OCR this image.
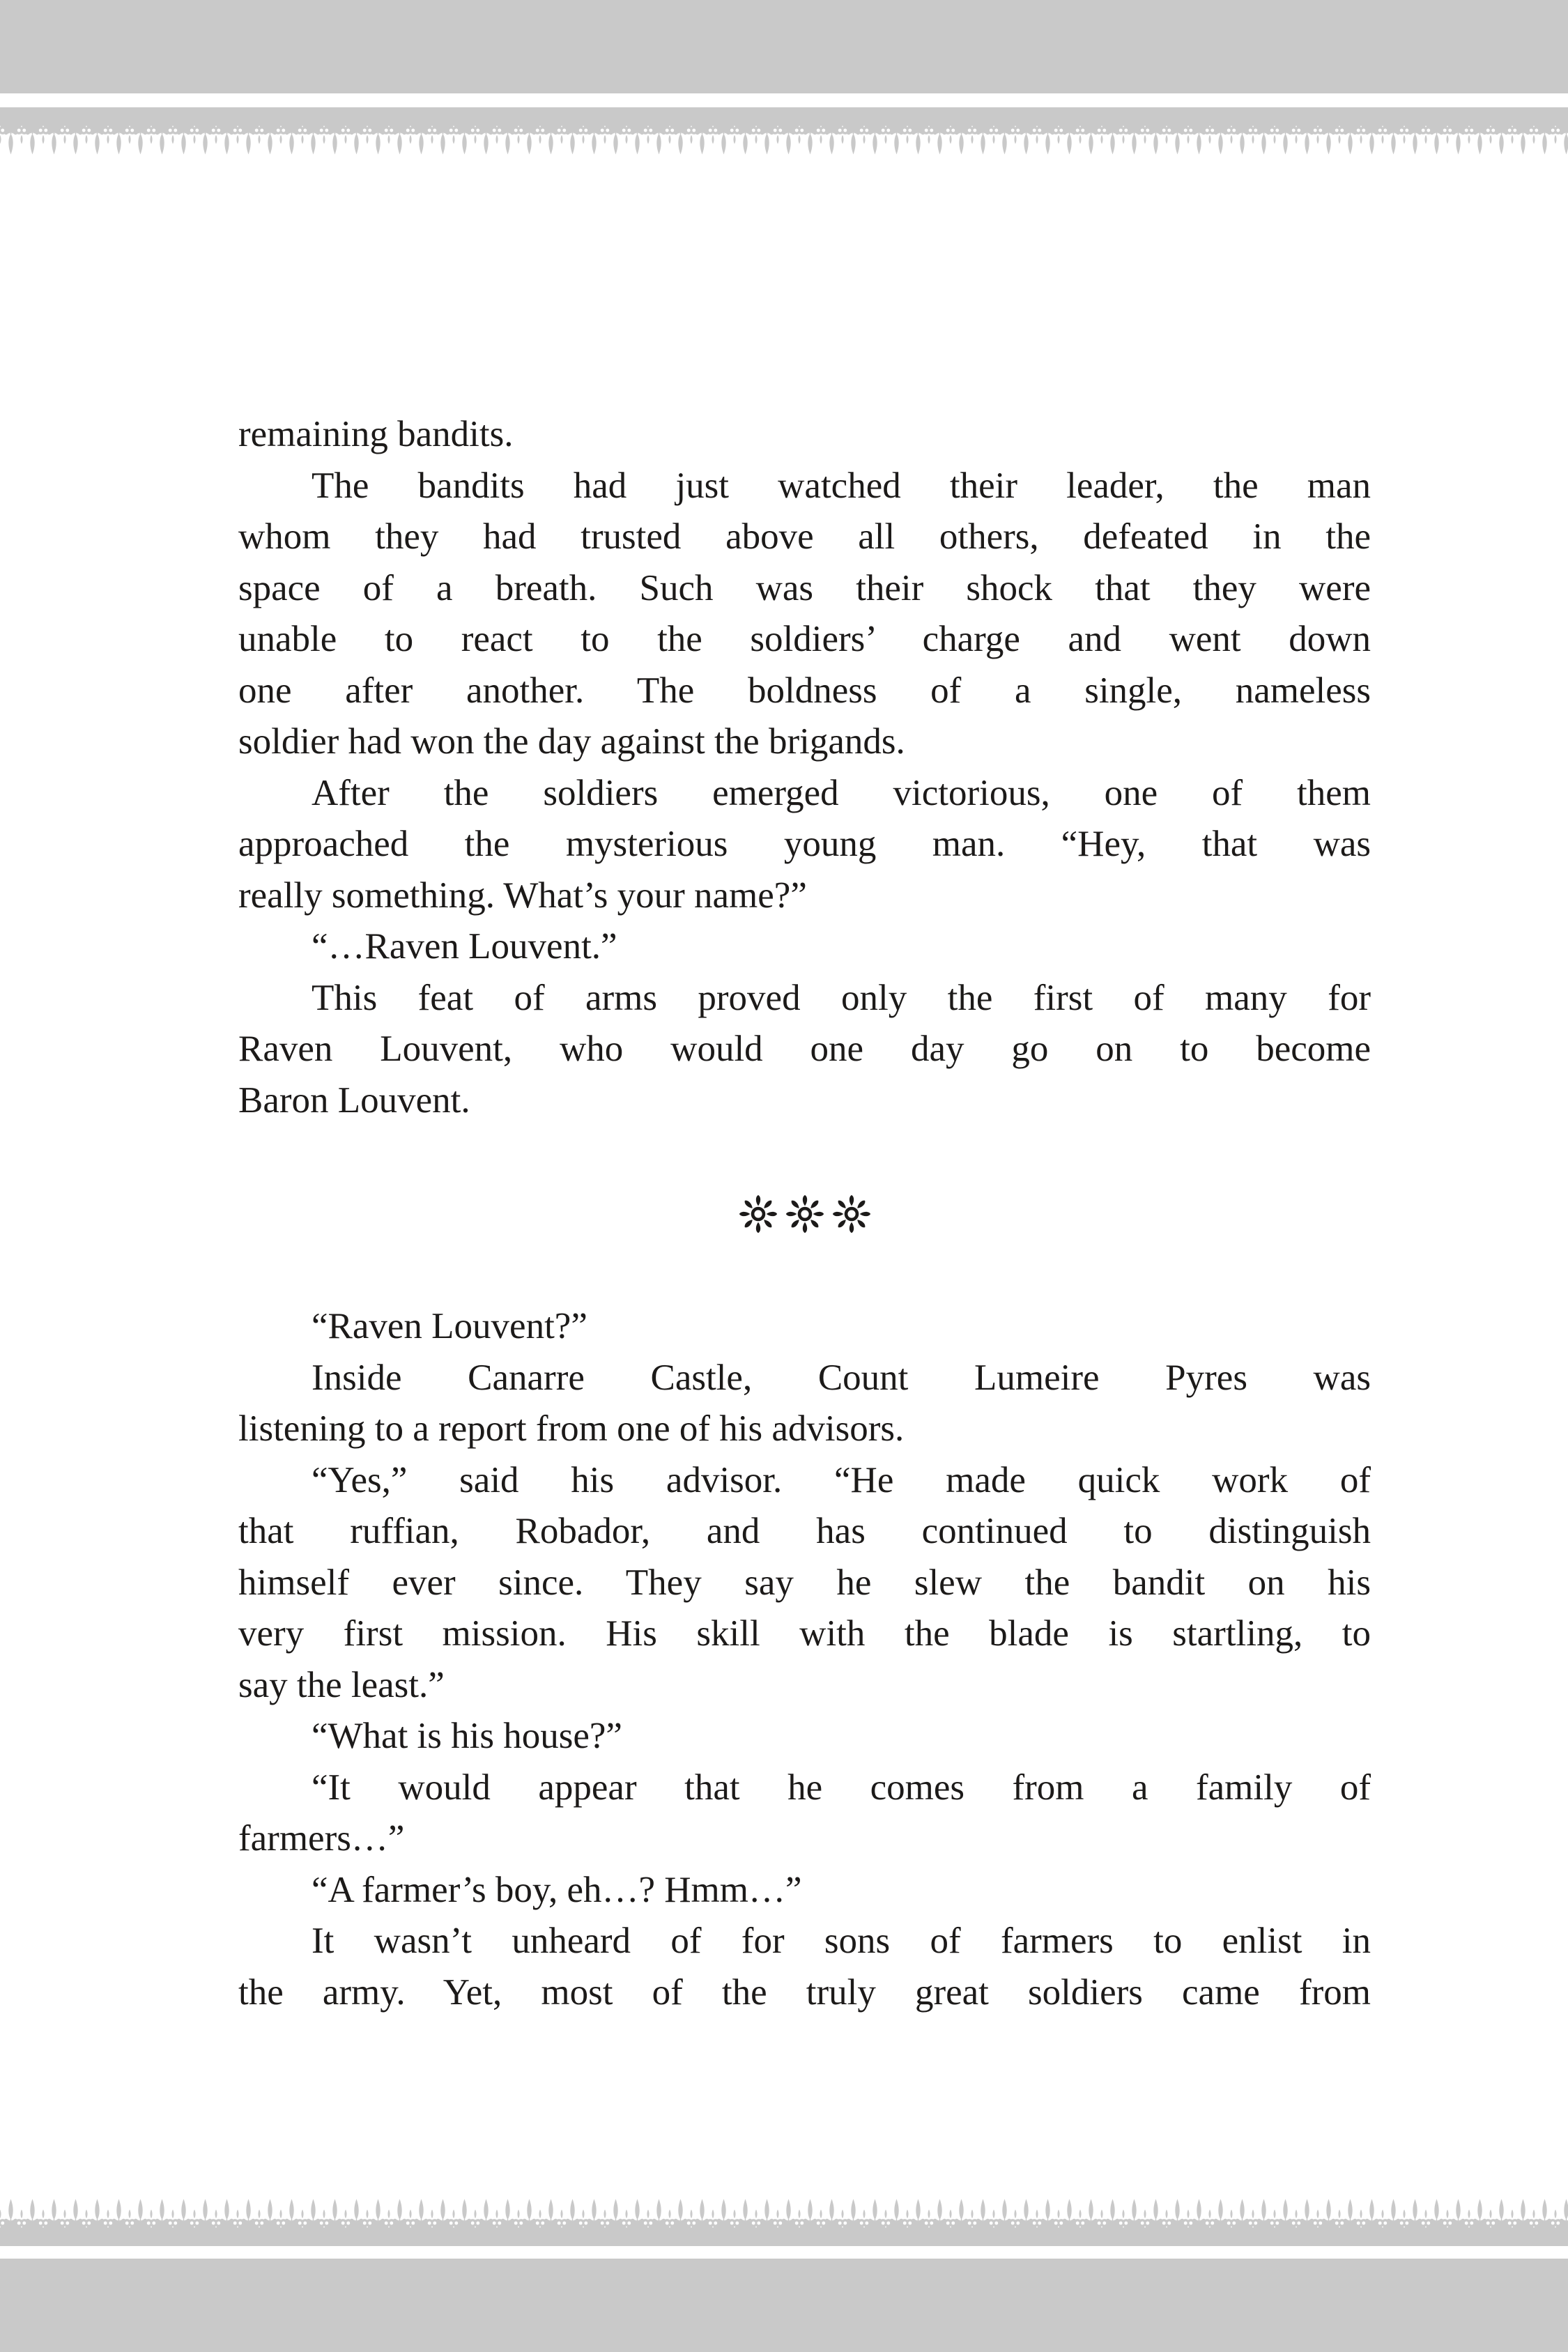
remaining bandits.
The bandits had just watched their leader, the man
whom they had trusted above all others, defeated in the
space of a breath. Such was their shock that they were
unable to react to the soldiers’ charge and went down
one after another. The boldness of a single, nameless
soldier had won the day against the brigands.
After the soldiers emerged victorious, one of them
approached the mysterious young man. “Hey, that was
really something. What’s your name?”
“…Raven Louvent.”
This feat of arms proved only the first of many for
Raven Louvent, who would one day go on to become
Baron Louvent.
“Raven Louvent?”
Inside Canarre Castle, Count Lumeire Pyres was
listening to a report from one of his advisors.
“Yes,” said his advisor. “He made quick work of
that ruffian, Robador, and has continued to distinguish
himself ever since. They say he slew the bandit on his
very first mission. His skill with the blade is startling, to
say the least.”
“What is his house?”
“It would appear that he comes from a family of
farmers…”
“A farmer’s boy, eh…? Hmm…”
It wasn’t unheard of for sons of farmers to enlist in
the army. Yet, most of the truly great soldiers came from
